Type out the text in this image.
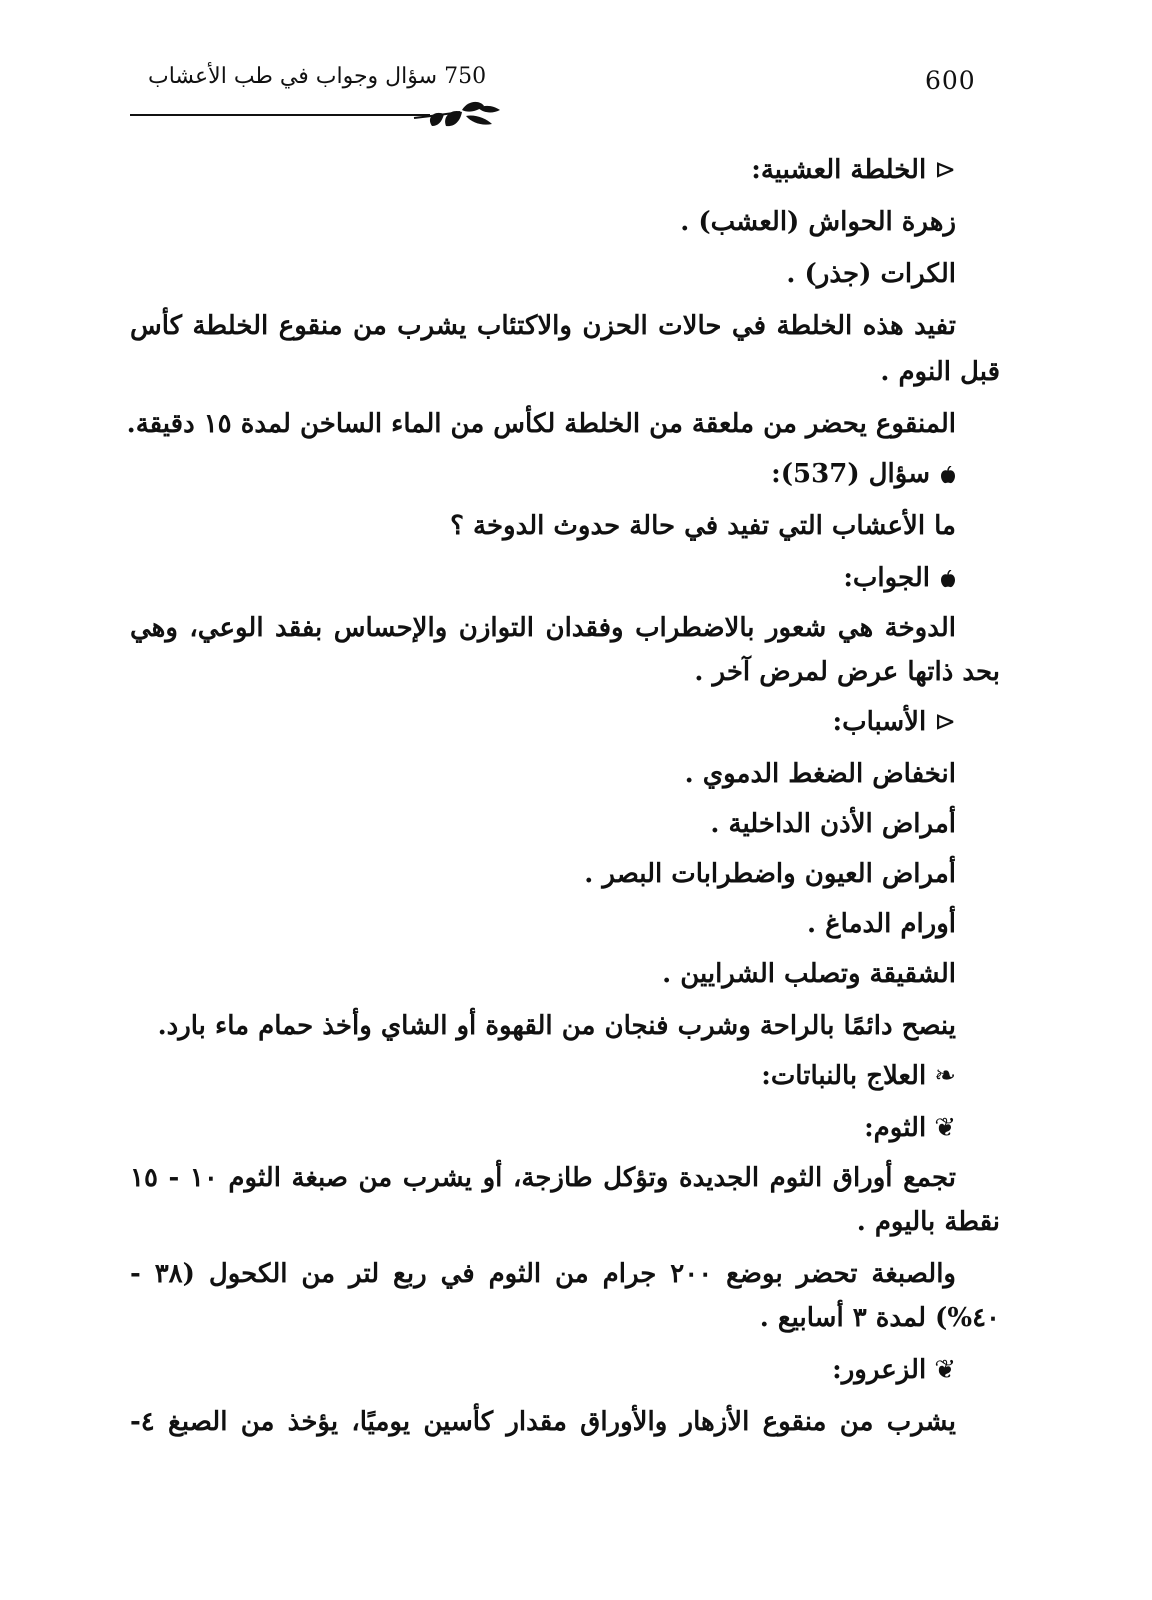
600
750 سؤال وجواب في طب الأعشاب
⊲الخلطة العشبية:
زهرة الحواش (العشب) .
الكرات (جذر) .
تفيد هذه الخلطة في حالات الحزن والاكتئاب يشرب من منقوع الخلطة كأس
قبل النوم .
المنقوع يحضر من ملعقة من الخلطة لكأس من الماء الساخن لمدة ١٥ دقيقة.
سؤال (537):
ما الأعشاب التي تفيد في حالة حدوث الدوخة ؟
الجواب:
الدوخة هي شعور بالاضطراب وفقدان التوازن والإحساس بفقد الوعي، وهي
بحد ذاتها عرض لمرض آخر .
⊲الأسباب:
انخفاض الضغط الدموي .
أمراض الأذن الداخلية .
أمراض العيون واضطرابات البصر .
أورام الدماغ .
الشقيقة وتصلب الشرايين .
ينصح دائمًا بالراحة وشرب فنجان من القهوة أو الشاي وأخذ حمام ماء بارد.
❧العلاج بالنباتات:
❦الثوم:
تجمع أوراق الثوم الجديدة وتؤكل طازجة، أو يشرب من صبغة الثوم ١٠ - ١٥
نقطة باليوم .
والصبغة تحضر بوضع ٢٠٠ جرام من الثوم في ربع لتر من الكحول (٣٨ -
٤٠%) لمدة ٣ أسابيع .
❦الزعرور:
يشرب من منقوع الأزهار والأوراق مقدار كأسين يوميًا، يؤخذ من الصبغ ٤-
